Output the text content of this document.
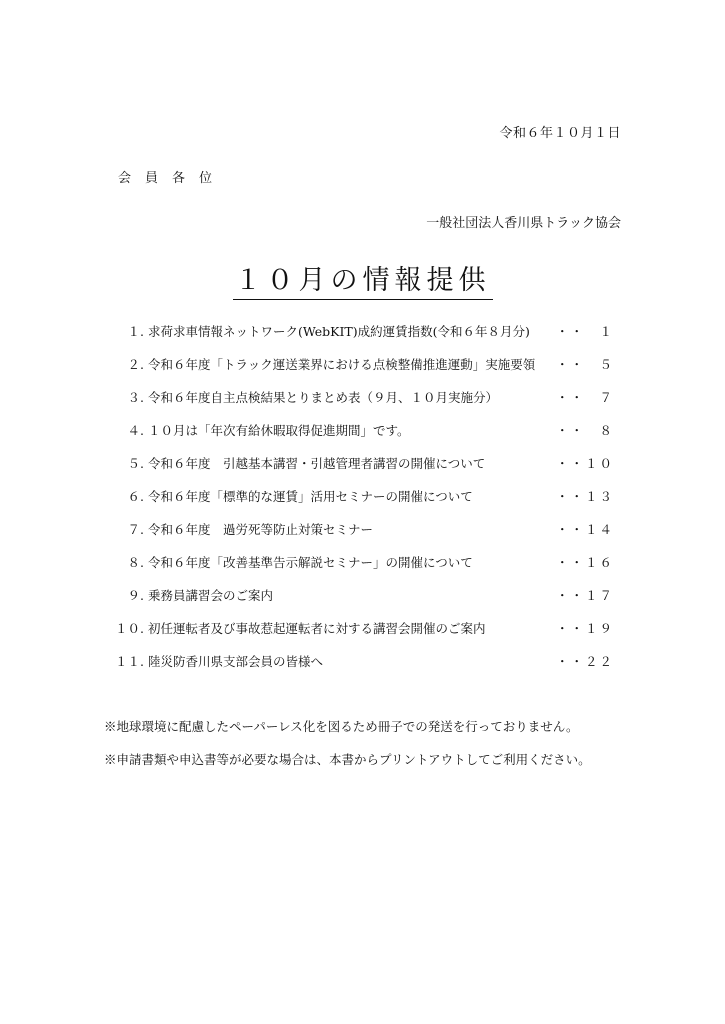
令和６年１０月１日
会員各位
一般社団法人香川県トラック協会
１０月の情報提供
１. 求荷求車情報ネットワーク(WebKIT)成約運賃指数(令和６年８月分) ・・　１
２. 令和６年度「トラック運送業界における点検整備推進運動」実施要領 ・・　５
３. 令和６年度自主点検結果とりまとめ表（９月、１０月実施分）	・・　７
４. １０月は「年次有給休暇取得促進期間」です。	・・　８
５. 令和６年度　引越基本講習・引越管理者講習の開催について	・・１０
６. 令和６年度「標準的な運賃」活用セミナーの開催について	・・１３
７. 令和６年度　過労死等防止対策セミナー	・・１４
８. 令和６年度「改善基準告示解説セミナー」の開催について	・・１６
９. 乗務員講習会のご案内	・・１７
１０. 初任運転者及び事故惹起運転者に対する講習会開催のご案内	・・１９
１１. 陸災防香川県支部会員の皆様へ	・・２２
※地球環境に配慮したペーパーレス化を図るため冊子での発送を行っておりません。
※申請書類や申込書等が必要な場合は、本書からプリントアウトしてご利用ください。
